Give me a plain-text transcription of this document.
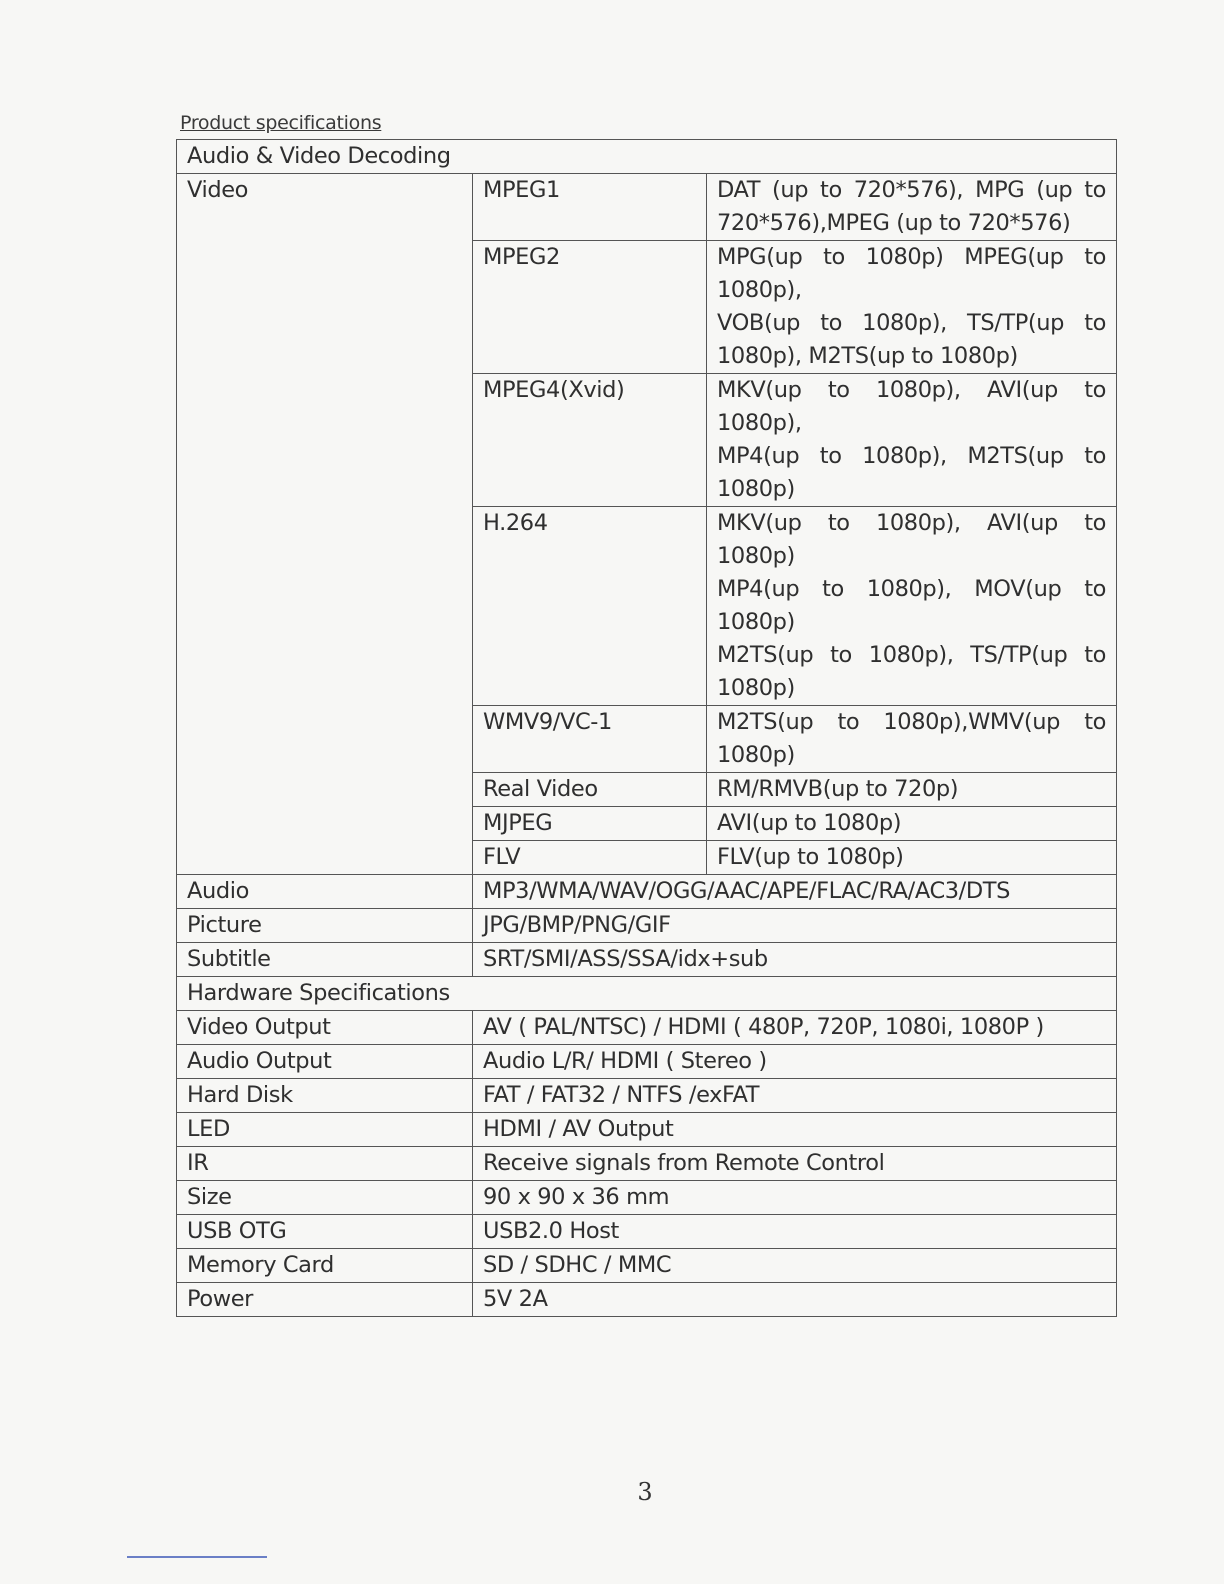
Product specifications
Audio & Video Decoding		
Video	MPEG1	DAT (up to 720*576), MPG (up to 720*576),MPEG (up to 720*576)

	MPEG2	MPG(up to 1080p) MPEG(up to 1080p),
VOB(up to 1080p), TS/TP(up to 1080p), M2TS(up to 1080p)

	MPEG4(Xvid)	MKV(up to 1080p), AVI(up to 1080p),
MP4(up to 1080p), M2TS(up to 1080p)

	H.264	MKV(up to 1080p), AVI(up to 1080p)
MP4(up to 1080p), MOV(up to 1080p)
M2TS(up to 1080p), TS/TP(up to 1080p)

	WMV9/VC-1	M2TS(up to 1080p),WMV(up to 1080p)

	Real Video	RM/RMVB(up to 720p)

	MJPEG	AVI(up to 1080p)

	FLV	FLV(up to 1080p)

Audio	MP3/WMA/WAV/OGG/AAC/APE/FLAC/RA/AC3/DTS	
Picture	JPG/BMP/PNG/GIF	
Subtitle	SRT/SMI/ASS/SSA/idx+sub	
Hardware Specifications		
Video Output	AV ( PAL/NTSC) / HDMI ( 480P, 720P, 1080i, 1080P )	
Audio Output	Audio L/R/ HDMI ( Stereo )	
Hard Disk	FAT / FAT32 / NTFS /exFAT	
LED	HDMI / AV Output	
IR	Receive signals from Remote Control	
Size	90 x 90 x 36 mm	
USB OTG	USB2.0 Host	
Memory Card	SD / SDHC / MMC	
Power	5V 2A	
3
